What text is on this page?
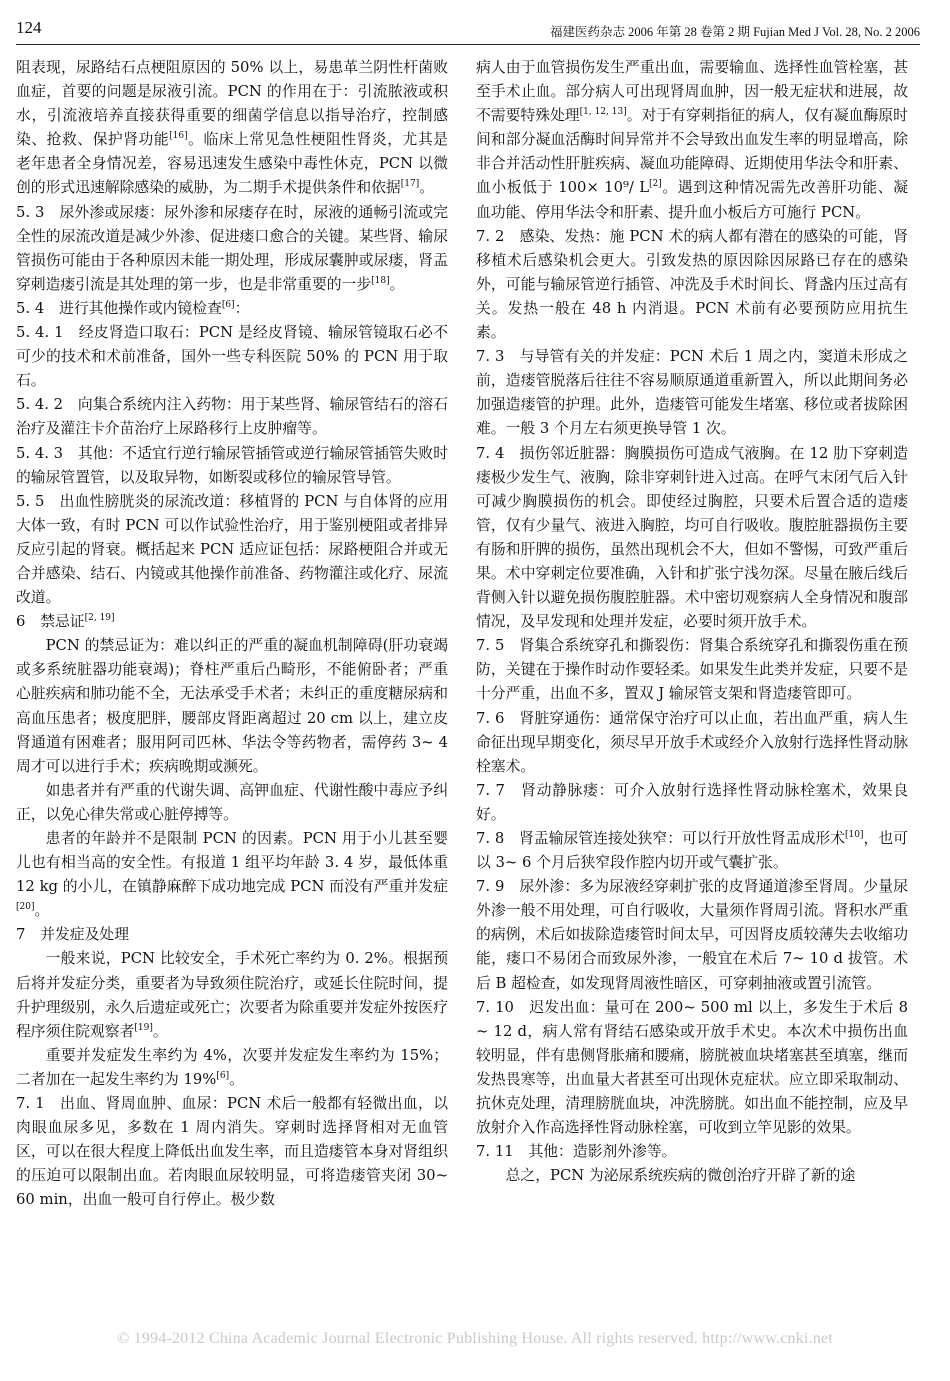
124	福建医药杂志 2006 年第 28 卷第 2 期 Fujian Med J Vol. 28, No. 2 2006

阻表现，尿路结石点梗阻原因的 50% 以上，易患革兰阴性杆菌败血症，首要的问题是尿液引流。PCN 的作用在于：引流脓液或积水，引流液培养直接获得重要的细菌学信息以指导治疗，控制感染、抢救、保护肾功能[16]。临床上常见急性梗阻性肾炎，尤其是老年患者全身情况差，容易迅速发生感染中毒性休克，PCN 以微创的形式迅速解除感染的威胁，为二期手术提供条件和依据[17]。

5. 3　尿外渗或尿瘘：尿外渗和尿瘘存在时，尿液的通畅引流或完全性的尿流改道是减少外渗、促进瘘口愈合的关键。某些肾、输尿管损伤可能由于各种原因未能一期处理，形成尿囊肿或尿瘘，肾盂穿刺造瘘引流是其处理的第一步，也是非常重要的一步[18]。

5. 4　进行其他操作或内镜检查[6]：

5. 4. 1　经皮肾造口取石：PCN 是经皮肾镜、输尿管镜取石必不可少的技术和术前准备，国外一些专科医院 50% 的 PCN 用于取石。

5. 4. 2　向集合系统内注入药物：用于某些肾、输尿管结石的溶石治疗及灌注卡介苗治疗上尿路移行上皮肿瘤等。

5. 4. 3　其他：不适宜行逆行输尿管插管或逆行输尿管插管失败时的输尿管置管，以及取异物，如断裂或移位的输尿管导管。

5. 5　出血性膀胱炎的尿流改道：移植肾的 PCN 与自体肾的应用大体一致，有时 PCN 可以作试验性治疗，用于鉴别梗阻或者排异反应引起的肾衰。概括起来 PCN 适应证包括：尿路梗阻合并或无合并感染、结石、内镜或其他操作前准备、药物灌注或化疗、尿流改道。

6　禁忌证[2, 19]

PCN 的禁忌证为：难以纠正的严重的凝血机制障碍(肝功衰竭或多系统脏器功能衰竭)；脊柱严重后凸畸形，不能俯卧者；严重心脏疾病和肺功能不全，无法承受手术者；未纠正的重度糖尿病和高血压患者；极度肥胖，腰部皮肾距离超过 20 cm 以上，建立皮肾通道有困难者；服用阿司匹林、华法令等药物者，需停药 3~ 4 周才可以进行手术；疾病晚期或濒死。

如患者并有严重的代谢失调、高钾血症、代谢性酸中毒应予纠正，以免心律失常或心脏停搏等。

患者的年龄并不是限制 PCN 的因素。PCN 用于小儿甚至婴儿也有相当高的安全性。有报道 1 组平均年龄 3. 4 岁，最低体重 12 kg 的小儿，在镇静麻醉下成功地完成 PCN 而没有严重并发症[20]。

7　并发症及处理

一般来说，PCN 比较安全，手术死亡率约为 0. 2%。根据预后将并发症分类，重要者为导致须住院治疗，或延长住院时间，提升护理级别，永久后遗症或死亡；次要者为除重要并发症外按医疗程序须住院观察者[19]。

重要并发症发生率约为 4%，次要并发症发生率约为 15%；二者加在一起发生率约为 19%[6]。

7. 1　出血、肾周血肿、血尿：PCN 术后一般都有轻微出血，以肉眼血尿多见，多数在 1 周内消失。穿刺时选择肾相对无血管区，可以在很大程度上降低出血发生率，而且造瘘管本身对肾组织的压迫可以限制出血。若肉眼血尿较明显，可将造瘘管夹闭 30~ 60 min，出血一般可自行停止。极少数

病人由于血管损伤发生严重出血，需要输血、选择性血管栓塞，甚至手术止血。部分病人可出现肾周血肿，因一般无症状和进展，故不需要特殊处理[1, 12, 13]。对于有穿刺指征的病人，仅有凝血酶原时间和部分凝血活酶时间异常并不会导致出血发生率的明显增高，除非合并活动性肝脏疾病、凝血功能障碍、近期使用华法令和肝素、血小板低于 100× 10⁹/ L[2]。遇到这种情况需先改善肝功能、凝血功能、停用华法令和肝素、提升血小板后方可施行 PCN。

7. 2　感染、发热：施 PCN 术的病人都有潜在的感染的可能，肾移植术后感染机会更大。引致发热的原因除因尿路已存在的感染外，可能与输尿管逆行插管、冲洗及手术时间长、肾盏内压过高有关。发热一般在 48 h 内消退。PCN 术前有必要预防应用抗生素。

7. 3　与导管有关的并发症：PCN 术后 1 周之内，窦道未形成之前，造瘘管脱落后往往不容易顺原通道重新置入，所以此期间务必加强造瘘管的护理。此外，造瘘管可能发生堵塞、移位或者拔除困难。一般 3 个月左右须更换导管 1 次。

7. 4　损伤邻近脏器：胸膜损伤可造成气液胸。在 12 肋下穿刺造瘘极少发生气、液胸，除非穿刺针进入过高。在呼气末闭气后入针可减少胸膜损伤的机会。即使经过胸腔，只要术后置合适的造瘘管，仅有少量气、液进入胸腔，均可自行吸收。腹腔脏器损伤主要有肠和肝脾的损伤，虽然出现机会不大，但如不警惕，可致严重后果。术中穿刺定位要准确，入针和扩张宁浅勿深。尽量在腋后线后背侧入针以避免损伤腹腔脏器。术中密切观察病人全身情况和腹部情况，及早发现和处理并发症，必要时须开放手术。

7. 5　肾集合系统穿孔和撕裂伤：肾集合系统穿孔和撕裂伤重在预防，关键在于操作时动作要轻柔。如果发生此类并发症，只要不是十分严重，出血不多，置双 J 输尿管支架和肾造瘘管即可。

7. 6　肾脏穿通伤：通常保守治疗可以止血，若出血严重，病人生命征出现早期变化，须尽早开放手术或经介入放射行选择性肾动脉栓塞术。

7. 7　肾动静脉瘘：可介入放射行选择性肾动脉栓塞术，效果良好。

7. 8　肾盂输尿管连接处狭窄：可以行开放性肾盂成形术[10]，也可以 3~ 6 个月后狭窄段作腔内切开或气囊扩张。

7. 9　尿外渗：多为尿液经穿刺扩张的皮肾通道渗至肾周。少量尿外渗一般不用处理，可自行吸收，大量须作肾周引流。肾积水严重的病例，术后如拔除造瘘管时间太早，可因肾皮质较薄失去收缩功能，瘘口不易闭合而致尿外渗，一般宜在术后 7~ 10 d 拔管。术后 B 超检查，如发现肾周液性暗区，可穿刺抽液或置引流管。

7. 10　迟发出血：量可在 200~ 500 ml 以上，多发生于术后 8~ 12 d，病人常有肾结石感染或开放手术史。本次术中损伤出血较明显，伴有患侧肾胀痛和腰痛，膀胱被血块堵塞甚至填塞，继而发热畏寒等，出血量大者甚至可出现休克症状。应立即采取制动、抗休克处理，清理膀胱血块，冲洗膀胱。如出血不能控制，应及早放射介入作高选择性肾动脉栓塞，可收到立竿见影的效果。

7. 11　其他：造影剂外渗等。

总之，PCN 为泌尿系统疾病的微创治疗开辟了新的途

© 1994-2012 China Academic Journal Electronic Publishing House. All rights reserved. http://www.cnki.net
